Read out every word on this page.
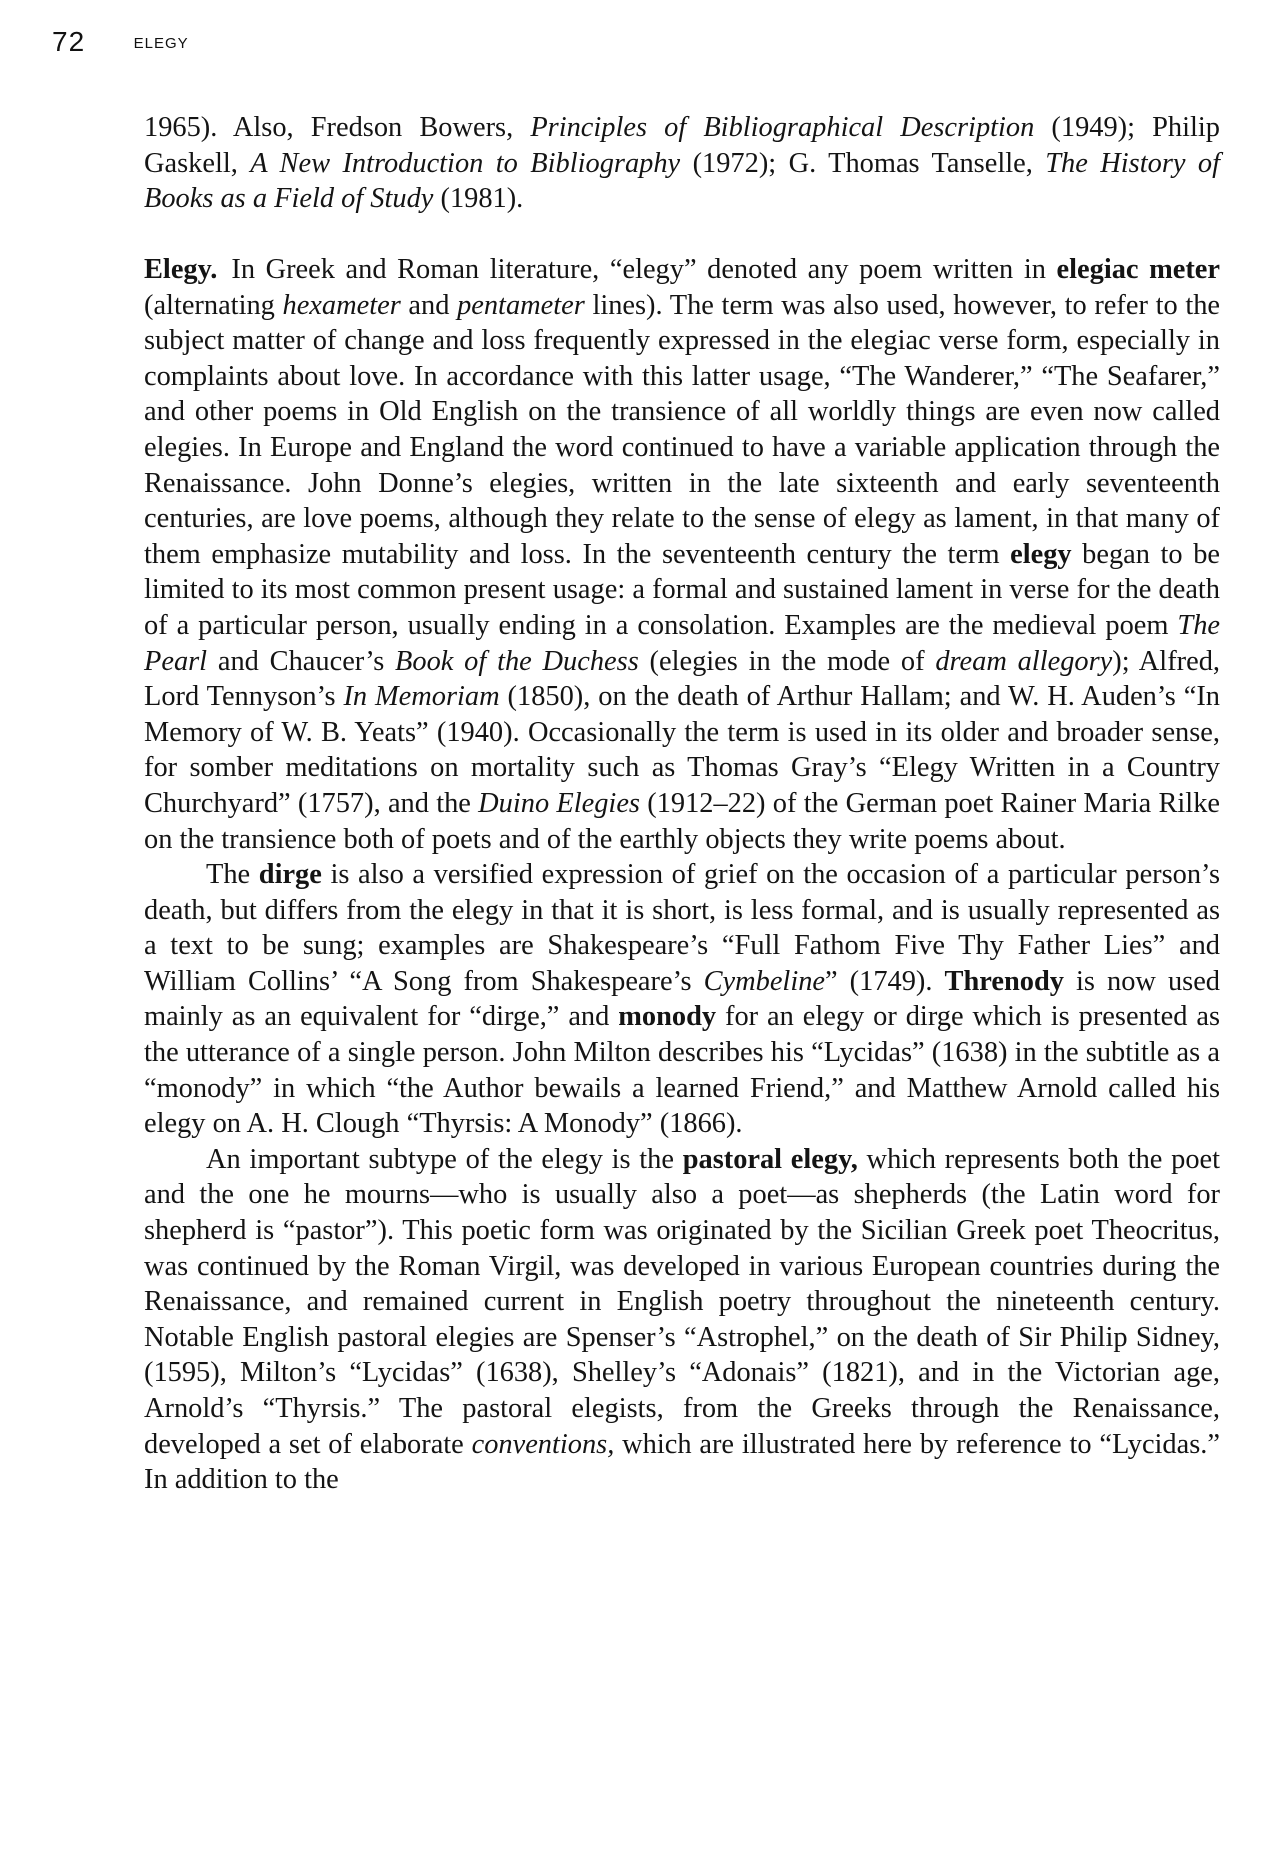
72	ELEGY
1965). Also, Fredson Bowers, Principles of Bibliographical Description (1949); Philip Gaskell, A New Introduction to Bibliography (1972); G. Thomas Tanselle, The History of Books as a Field of Study (1981).

Elegy. In Greek and Roman literature, “elegy” denoted any poem written in elegiac meter (alternating hexameter and pentameter lines). The term was also used, however, to refer to the subject matter of change and loss frequently expressed in the elegiac verse form, especially in complaints about love. In accordance with this latter usage, “The Wanderer,” “The Seafarer,” and other poems in Old English on the transience of all worldly things are even now called elegies. In Europe and England the word continued to have a variable application through the Renaissance. John Donne’s elegies, written in the late sixteenth and early seventeenth centuries, are love poems, although they relate to the sense of elegy as lament, in that many of them emphasize mutability and loss. In the seventeenth century the term elegy began to be limited to its most common present usage: a formal and sustained lament in verse for the death of a particular person, usually ending in a consolation. Examples are the medieval poem The Pearl and Chaucer’s Book of the Duchess (elegies in the mode of dream allegory); Alfred, Lord Tennyson’s In Memoriam (1850), on the death of Arthur Hallam; and W. H. Auden’s “In Memory of W. B. Yeats” (1940). Occasionally the term is used in its older and broader sense, for somber meditations on mortality such as Thomas Gray’s “Elegy Written in a Country Churchyard” (1757), and the Duino Elegies (1912–22) of the German poet Rainer Maria Rilke on the transience both of poets and of the earthly objects they write poems about.

The dirge is also a versified expression of grief on the occasion of a particular person’s death, but differs from the elegy in that it is short, is less formal, and is usually represented as a text to be sung; examples are Shakespeare’s “Full Fathom Five Thy Father Lies” and William Collins’ “A Song from Shakespeare’s Cymbeline” (1749). Threnody is now used mainly as an equivalent for “dirge,” and monody for an elegy or dirge which is presented as the utterance of a single person. John Milton describes his “Lycidas” (1638) in the subtitle as a “monody” in which “the Author bewails a learned Friend,” and Matthew Arnold called his elegy on A. H. Clough “Thyrsis: A Monody” (1866).

An important subtype of the elegy is the pastoral elegy, which represents both the poet and the one he mourns—who is usually also a poet—as shepherds (the Latin word for shepherd is “pastor”). This poetic form was originated by the Sicilian Greek poet Theocritus, was continued by the Roman Virgil, was developed in various European countries during the Renaissance, and remained current in English poetry throughout the nineteenth century. Notable English pastoral elegies are Spenser’s “Astrophel,” on the death of Sir Philip Sidney, (1595), Milton’s “Lycidas” (1638), Shelley’s “Adonais” (1821), and in the Victorian age, Arnold’s “Thyrsis.” The pastoral elegists, from the Greeks through the Renaissance, developed a set of elaborate conventions, which are illustrated here by reference to “Lycidas.” In addition to the
